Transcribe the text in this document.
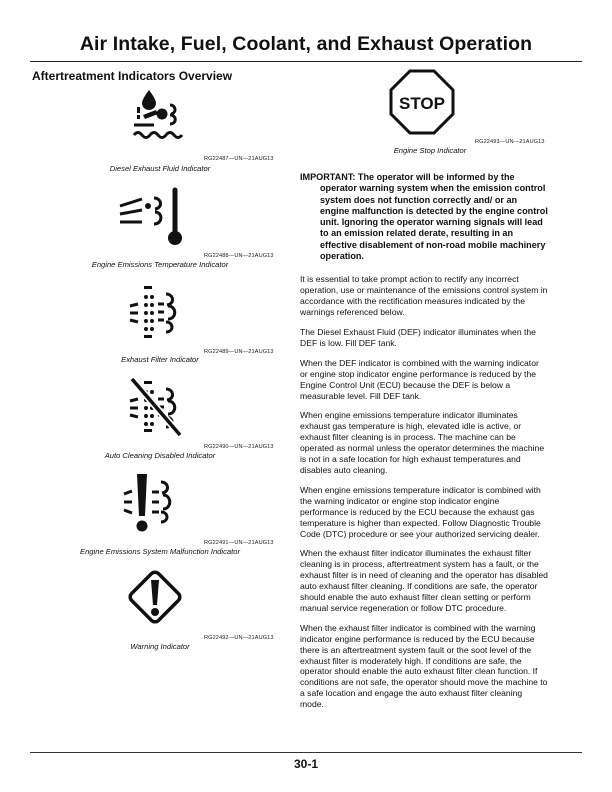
Air Intake, Fuel, Coolant, and Exhaust Operation
Aftertreatment Indicators Overview
RG22487—UN—21AUG13
Diesel Exhaust Fluid Indicator
RG22488—UN—21AUG13
Engine Emissions Temperature Indicator
RG22489—UN—21AUG13
Exhaust Filter Indicator
RG22490—UN—21AUG13
Auto Cleaning Disabled Indicator
RG22491—UN—21AUG13
Engine Emissions System Malfunction Indicator
RG22492—UN—21AUG13
Warning Indicator
STOP
RG22493—UN—21AUG13
Engine Stop Indicator

IMPORTANT: The operator will be informed by the operator warning system when the emission control system does not function correctly and/ or an engine malfunction is detected by the engine control unit. Ignoring the operator warning signals will lead to an emission related derate, resulting in an effective disablement of non-road mobile machinery operation.

It is essential to take prompt action to rectify any incorrect operation, use or maintenance of the emissions control system in accordance with the rectification measures indicated by the warnings referenced below.

The Diesel Exhaust Fluid (DEF) indicator illuminates when the DEF is low. Fill DEF tank.

When the DEF indicator is combined with the warning indicator or engine stop indicator engine performance is reduced by the Engine Control Unit (ECU) because the DEF is below a measurable level. Fill DEF tank.

When engine emissions temperature indicator illuminates exhaust gas temperature is high, elevated idle is active, or exhaust filter cleaning is in process. The machine can be operated as normal unless the operator determines the machine is not in a safe location for high exhaust temperatures and disables auto cleaning.

When engine emissions temperature indicator is combined with the warning indicator or engine stop indicator engine performance is reduced by the ECU because the exhaust gas temperature is higher than expected. Follow Diagnostic Trouble Code (DTC) procedure or see your authorized servicing dealer.

When the exhaust filter indicator illuminates the exhaust filter cleaning is in process, aftertreatment system has a fault, or the exhaust filter is in need of cleaning and the operator has disabled auto exhaust filter cleaning. If conditions are safe, the operator should enable the auto exhaust filter clean setting or perform manual service regeneration or follow DTC procedure.

When the exhaust filter indicator is combined with the warning indicator engine performance is reduced by the ECU because there is an aftertreatment system fault or the soot level of the exhaust filter is moderately high. If conditions are safe, the operator should enable the auto exhaust filter clean function. If conditions are not safe, the operator should move the machine to a safe location and engage the auto exhaust filter cleaning mode.

30-1
